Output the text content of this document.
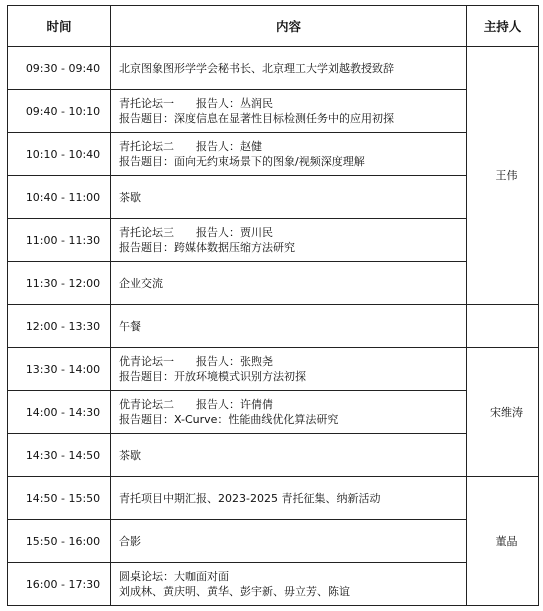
时间	内容	主持人
09:30 - 09:40	北京图象图形学学会秘书长、北京理工大学刘越教授致辞	王伟
09:40 - 10:10	青托论坛一 报告人：丛润民
报告题目：深度信息在显著性目标检测任务中的应用初探	

10:10 - 10:40	青托论坛二 报告人：赵健
报告题目：面向无约束场景下的图象/视频深度理解	

10:40 - 11:00	茶歇	

11:00 - 11:30	青托论坛三 报告人：贾川民
报告题目：跨媒体数据压缩方法研究	

11:30 - 12:00	企业交流	

12:00 - 13:30	午餐	

13:30 - 14:00	优青论坛一 报告人：张煦尧
报告题目：开放环境模式识别方法初探	宋维涛
14:00 - 14:30	优青论坛二 报告人：许倩倩
报告题目：X-Curve：性能曲线优化算法研究	

14:30 - 14:50	茶歇	

14:50 - 15:50	青托项目中期汇报、2023-2025 青托征集、纳新活动	董晶
15:50 - 16:00	合影	

16:00 - 17:30	圆桌论坛：大咖面对面
刘成林、黄庆明、黄华、彭宇新、毋立芳、陈谊	
